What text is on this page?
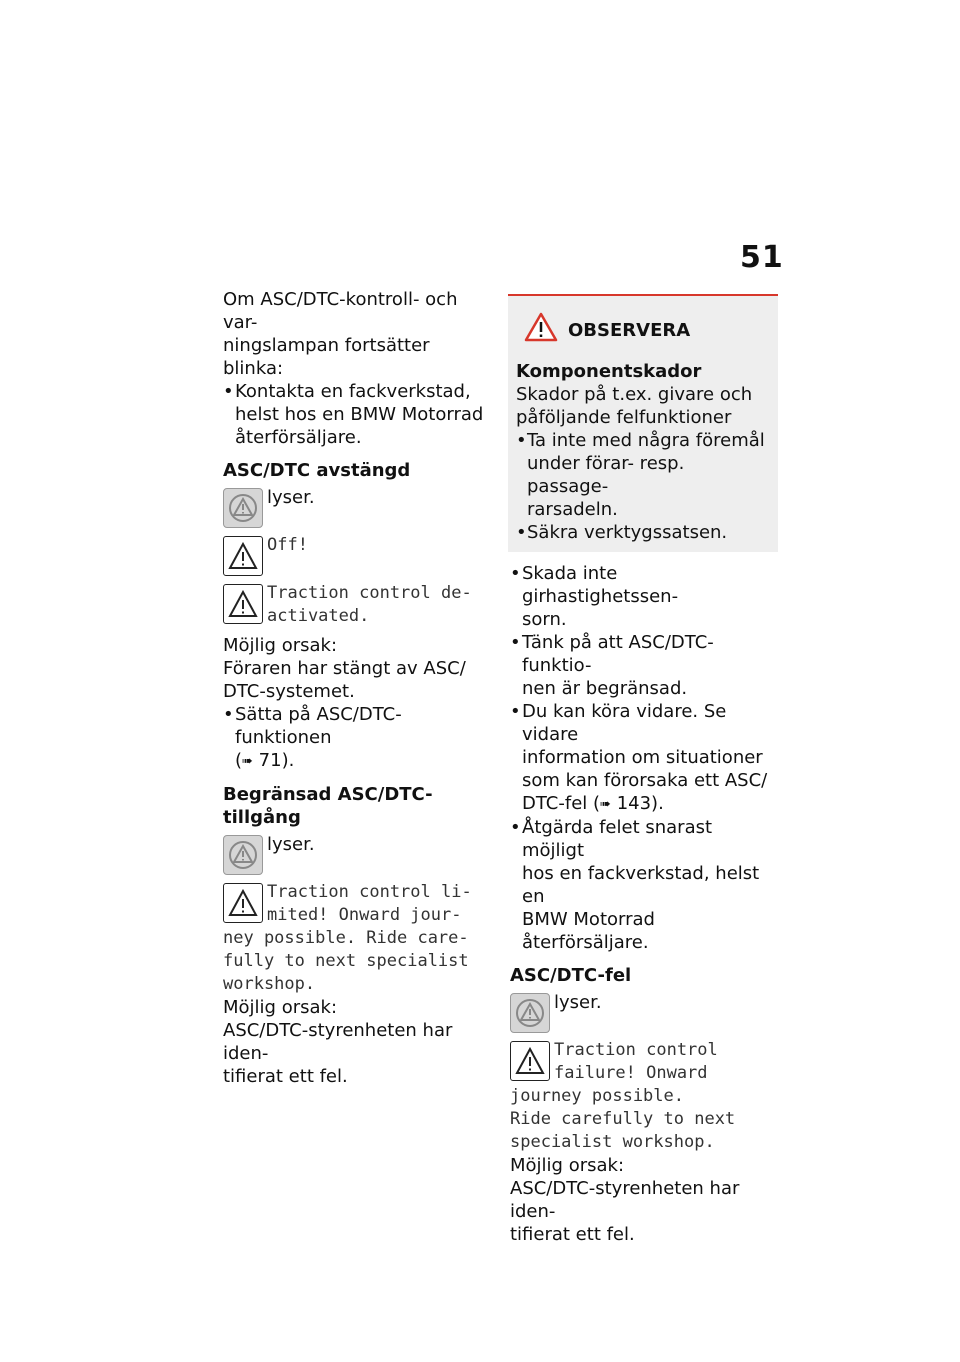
51

Om ASC/DTC-kontroll- och var-

ningslampan fortsätter blinka:

• Kontakta en fackverkstad,
helst hos en BMW Motorrad
återförsäljare.
ASC/DTC avstängd
lyser.
Off!
Traction control de-
activated.

Möjlig orsak:

Föraren har stängt av ASC/

DTC-systemet.

• Sätta på ASC/DTC-funktionen
(➠ 71).
Begränsad ASC/DTC-tillgång
lyser.
Traction control li-
mited! Onward jour-
ney possible. Ride care-
fully to next specialist
workshop.

Möjlig orsak:

ASC/DTC-styrenheten har iden-

tifierat ett fel.

OBSERVERA

Komponentskador

Skador på t.ex. givare och

påföljande felfunktioner

• Ta inte med några föremål
under förar- resp. passage-
rarsadeln.
• Säkra verktygssatsen.
• Skada inte girhastighetssen-
sorn.
• Tänk på att ASC/DTC-funktio-
nen är begränsad.
• Du kan köra vidare. Se vidare
information om situationer
som kan förorsaka ett ASC/
DTC-fel (➠ 143).
• Åtgärda felet snarast möjligt
hos en fackverkstad, helst en
BMW Motorrad återförsäljare.
ASC/DTC-fel
lyser.
Traction control
failure! Onward
journey possible.
Ride carefully to next
specialist workshop.

Möjlig orsak:

ASC/DTC-styrenheten har iden-

tifierat ett fel.
